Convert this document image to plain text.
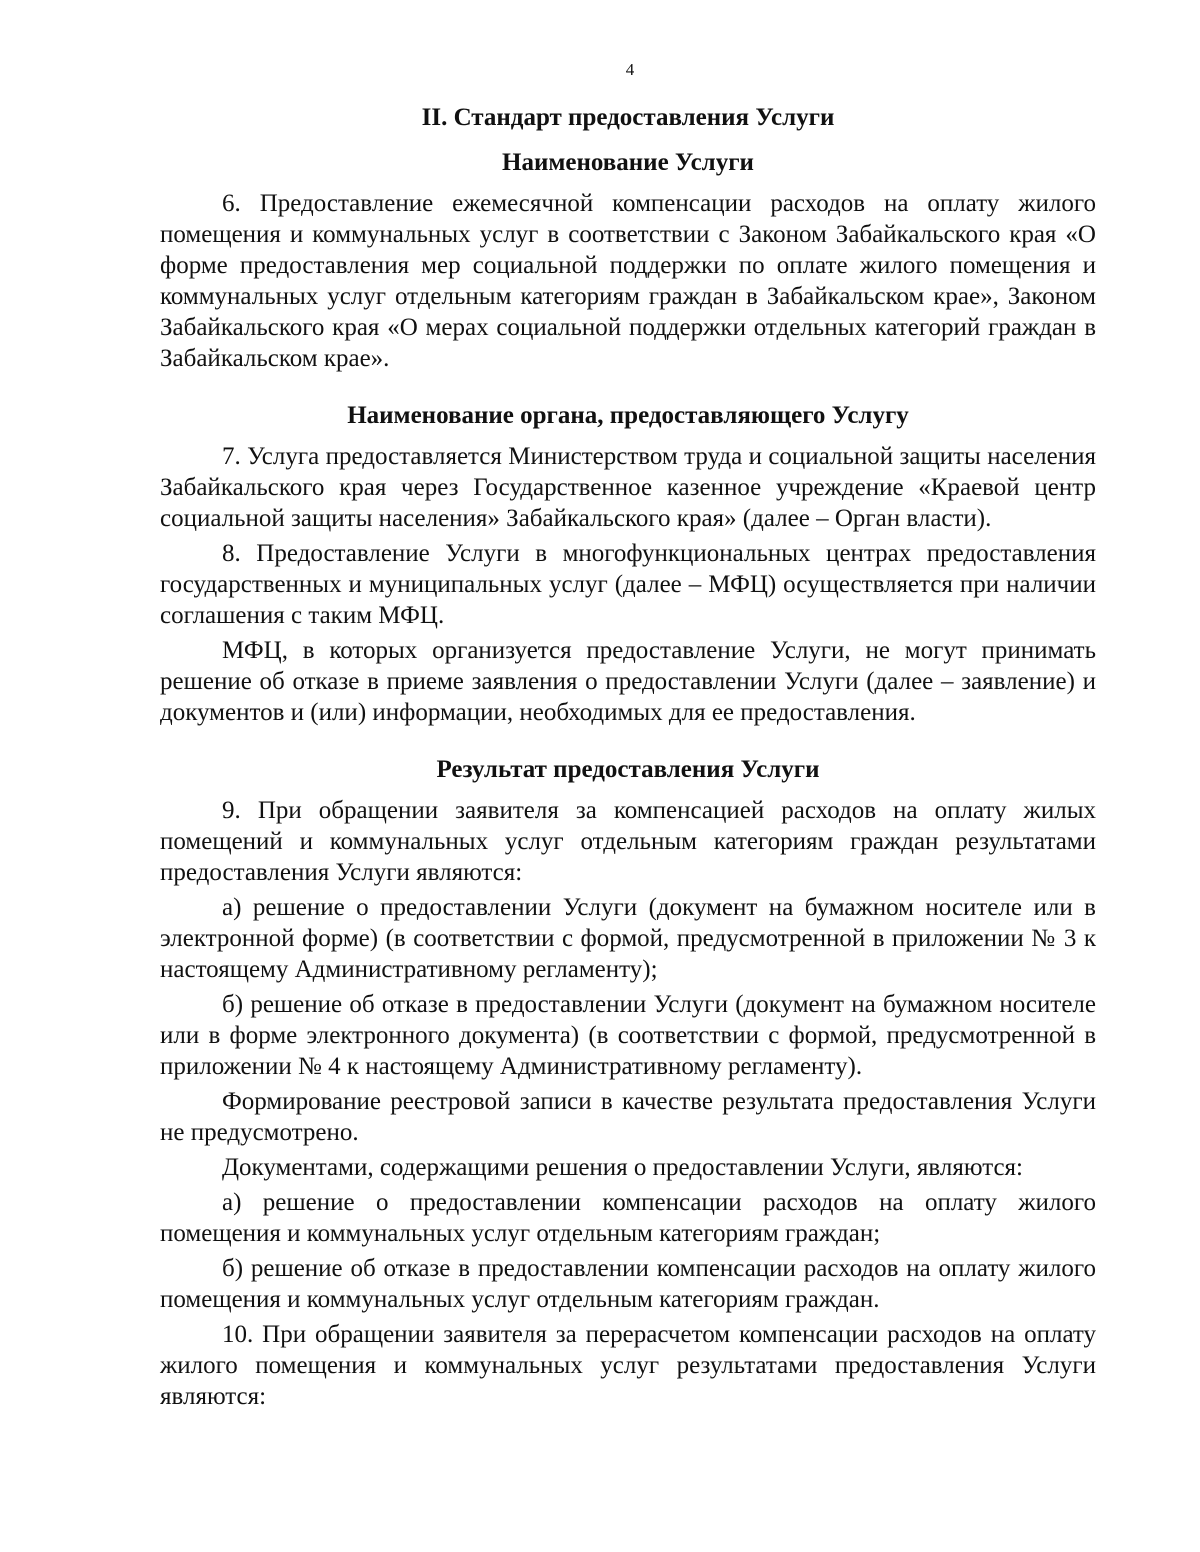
4
II. Стандарт предоставления Услуги
Наименование Услуги

6. Предоставление ежемесячной компенсации расходов на оплату жилого помещения и коммунальных услуг в соответствии с Законом Забайкальского края «О форме предоставления мер социальной поддержки по оплате жилого помещения и коммунальных услуг отдельным категориям граждан в Забайкальском крае», Законом Забайкальского края «О мерах социальной поддержки отдельных категорий граждан в Забайкальском крае».

Наименование органа, предоставляющего Услугу

7. Услуга предоставляется Министерством труда и социальной защиты населения Забайкальского края через Государственное казенное учреждение «Краевой центр социальной защиты населения» Забайкальского края» (далее – Орган власти).

8. Предоставление Услуги в многофункциональных центрах предоставления государственных и муниципальных услуг (далее – МФЦ) осуществляется при наличии соглашения с таким МФЦ.

МФЦ, в которых организуется предоставление Услуги, не могут принимать решение об отказе в приеме заявления о предоставлении Услуги (далее – заявление) и документов и (или) информации, необходимых для ее предоставления.

Результат предоставления Услуги

9. При обращении заявителя за компенсацией расходов на оплату жилых помещений и коммунальных услуг отдельным категориям граждан результатами предоставления Услуги являются:

а) решение о предоставлении Услуги (документ на бумажном носителе или в электронной форме) (в соответствии с формой, предусмотренной в приложении № 3 к настоящему Административному регламенту);

б) решение об отказе в предоставлении Услуги (документ на бумажном носителе или в форме электронного документа) (в соответствии с формой, предусмотренной в приложении № 4 к настоящему Административному регламенту).

Формирование реестровой записи в качестве результата предоставления Услуги не предусмотрено.

Документами, содержащими решения о предоставлении Услуги, являются:

а) решение о предоставлении компенсации расходов на оплату жилого помещения и коммунальных услуг отдельным категориям граждан;

б) решение об отказе в предоставлении компенсации расходов на оплату жилого помещения и коммунальных услуг отдельным категориям граждан.

10. При обращении заявителя за перерасчетом компенсации расходов на оплату жилого помещения и коммунальных услуг результатами предоставления Услуги являются:
